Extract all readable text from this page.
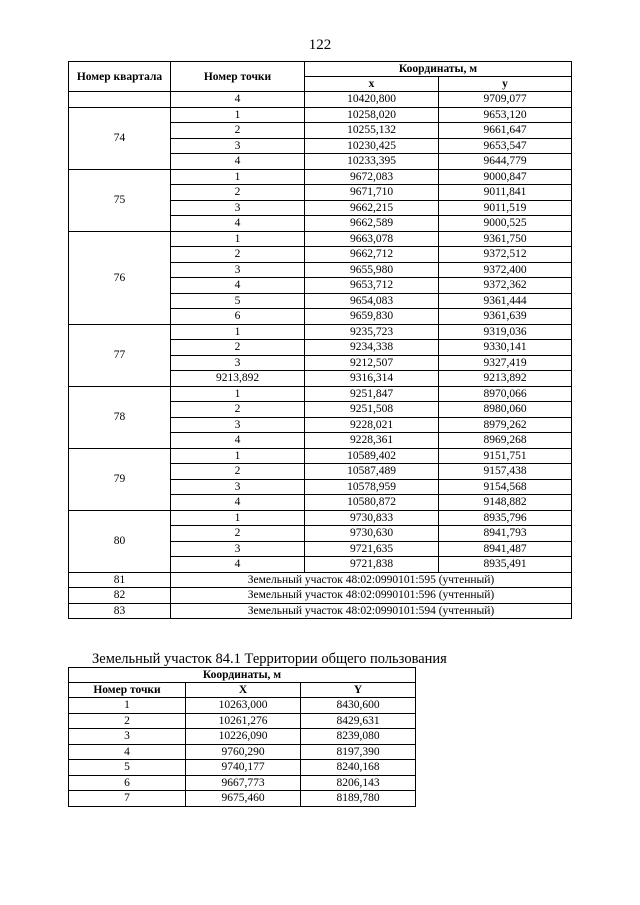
122
Номер квартала	Номер точки	Координаты, м	
		x	y
	4	10420,800	9709,077
74	1	10258,020	9653,120
	2	10255,132	9661,647
	3	10230,425	9653,547
	4	10233,395	9644,779
75	1	9672,083	9000,847
	2	9671,710	9011,841
	3	9662,215	9011,519
	4	9662,589	9000,525
76	1	9663,078	9361,750
	2	9662,712	9372,512
	3	9655,980	9372,400
	4	9653,712	9372,362
	5	9654,083	9361,444
	6	9659,830	9361,639
77	1	9235,723	9319,036
	2	9234,338	9330,141
	3	9212,507	9327,419
	9213,892	9316,314	9213,892
78	1	9251,847	8970,066
	2	9251,508	8980,060
	3	9228,021	8979,262
	4	9228,361	8969,268
79	1	10589,402	9151,751
	2	10587,489	9157,438
	3	10578,959	9154,568
	4	10580,872	9148,882
80	1	9730,833	8935,796
	2	9730,630	8941,793
	3	9721,635	8941,487
	4	9721,838	8935,491
81	Земельный участок 48:02:0990101:595 (учтенный)		
82	Земельный участок 48:02:0990101:596 (учтенный)		
83	Земельный участок 48:02:0990101:594 (учтенный)		
Земельный участок 84.1 Территории общего пользования
Координаты, м		
Номер точки	X	Y
1	10263,000	8430,600
2	10261,276	8429,631
3	10226,090	8239,080
4	9760,290	8197,390
5	9740,177	8240,168
6	9667,773	8206,143
7	9675,460	8189,780
